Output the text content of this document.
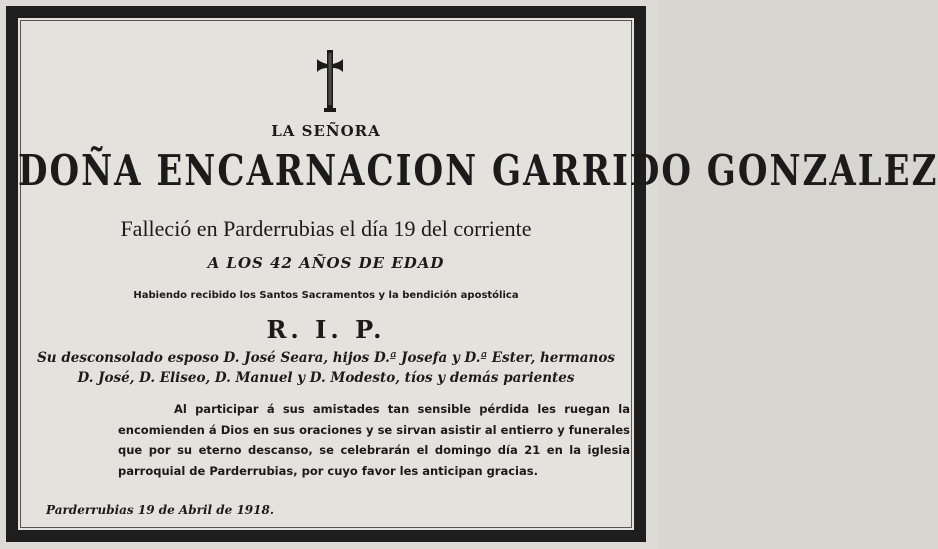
LA SEÑORA
DOÑA ENCARNACION GARRIDO GONZALEZ
Falleció en Parderrubias el día 19 del corriente
A LOS 42 AÑOS DE EDAD
Habiendo recibido los Santos Sacramentos y la bendición apostólica
R. I. P.
Su desconsolado esposo D. José Seara, hijos D.ª Josefa y D.ª Ester, hermanos
D. José, D. Eliseo, D. Manuel y D. Modesto, tíos y demás parientes
Al participar á sus amistades tan sensible pérdida les ruegan la encomienden á Dios en sus oraciones y se sirvan asistir al entierro y funerales que por su eterno descanso, se celebrarán el domingo día 21 en la iglesia parroquial de Parderrubias, por cuyo favor les anticipan gracias.
Parderrubias 19 de Abril de 1918.
